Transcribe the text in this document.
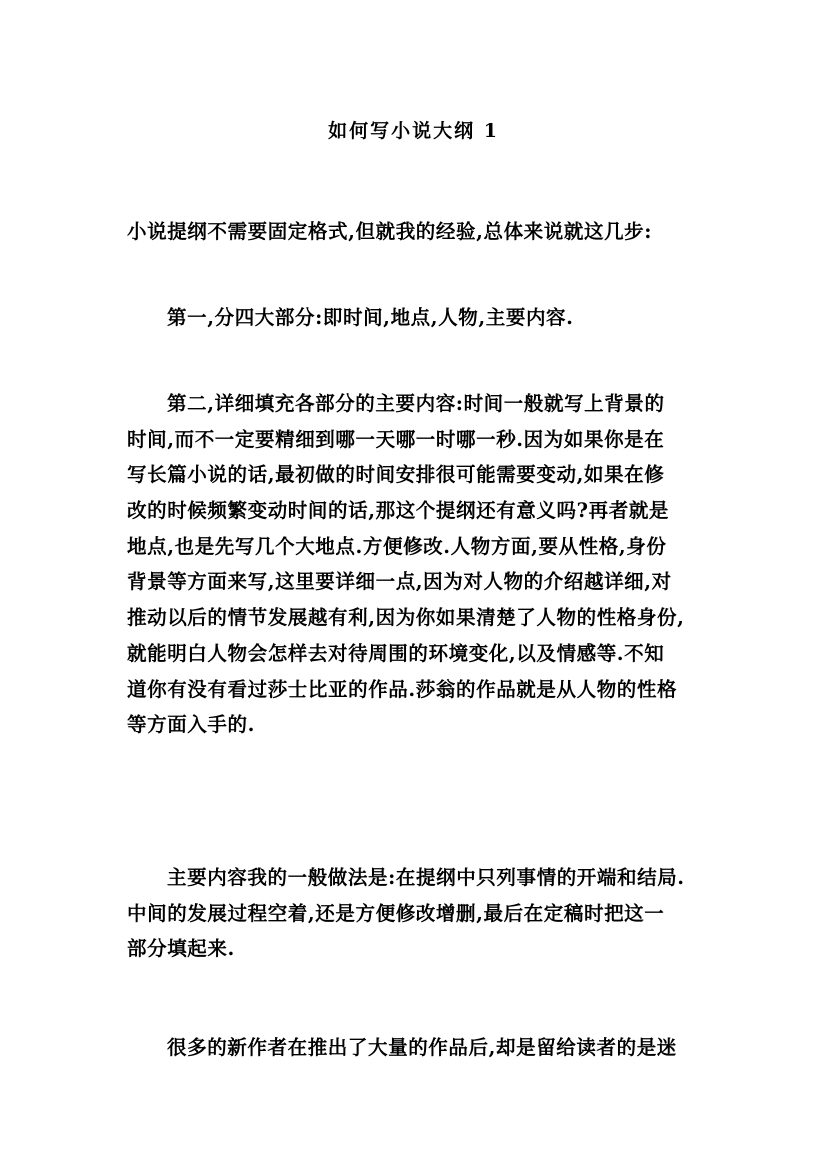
如何写小说大纲 1
小说提纲不需要固定格式,但就我的经验,总体来说就这几步:
第一,分四大部分:即时间,地点,人物,主要内容.
第二,详细填充各部分的主要内容:时间一般就写上背景的
时间,而不一定要精细到哪一天哪一时哪一秒.因为如果你是在
写长篇小说的话,最初做的时间安排很可能需要变动,如果在修
改的时候频繁变动时间的话,那这个提纲还有意义吗?再者就是
地点,也是先写几个大地点.方便修改.人物方面,要从性格,身份
背景等方面来写,这里要详细一点,因为对人物的介绍越详细,对
推动以后的情节发展越有利,因为你如果清楚了人物的性格身份,
就能明白人物会怎样去对待周围的环境变化,以及情感等.不知
道你有没有看过莎士比亚的作品.莎翁的作品就是从人物的性格
等方面入手的.
主要内容我的一般做法是:在提纲中只列事情的开端和结局.
中间的发展过程空着,还是方便修改增删,最后在定稿时把这一
部分填起来.
很多的新作者在推出了大量的作品后,却是留给读者的是迷
